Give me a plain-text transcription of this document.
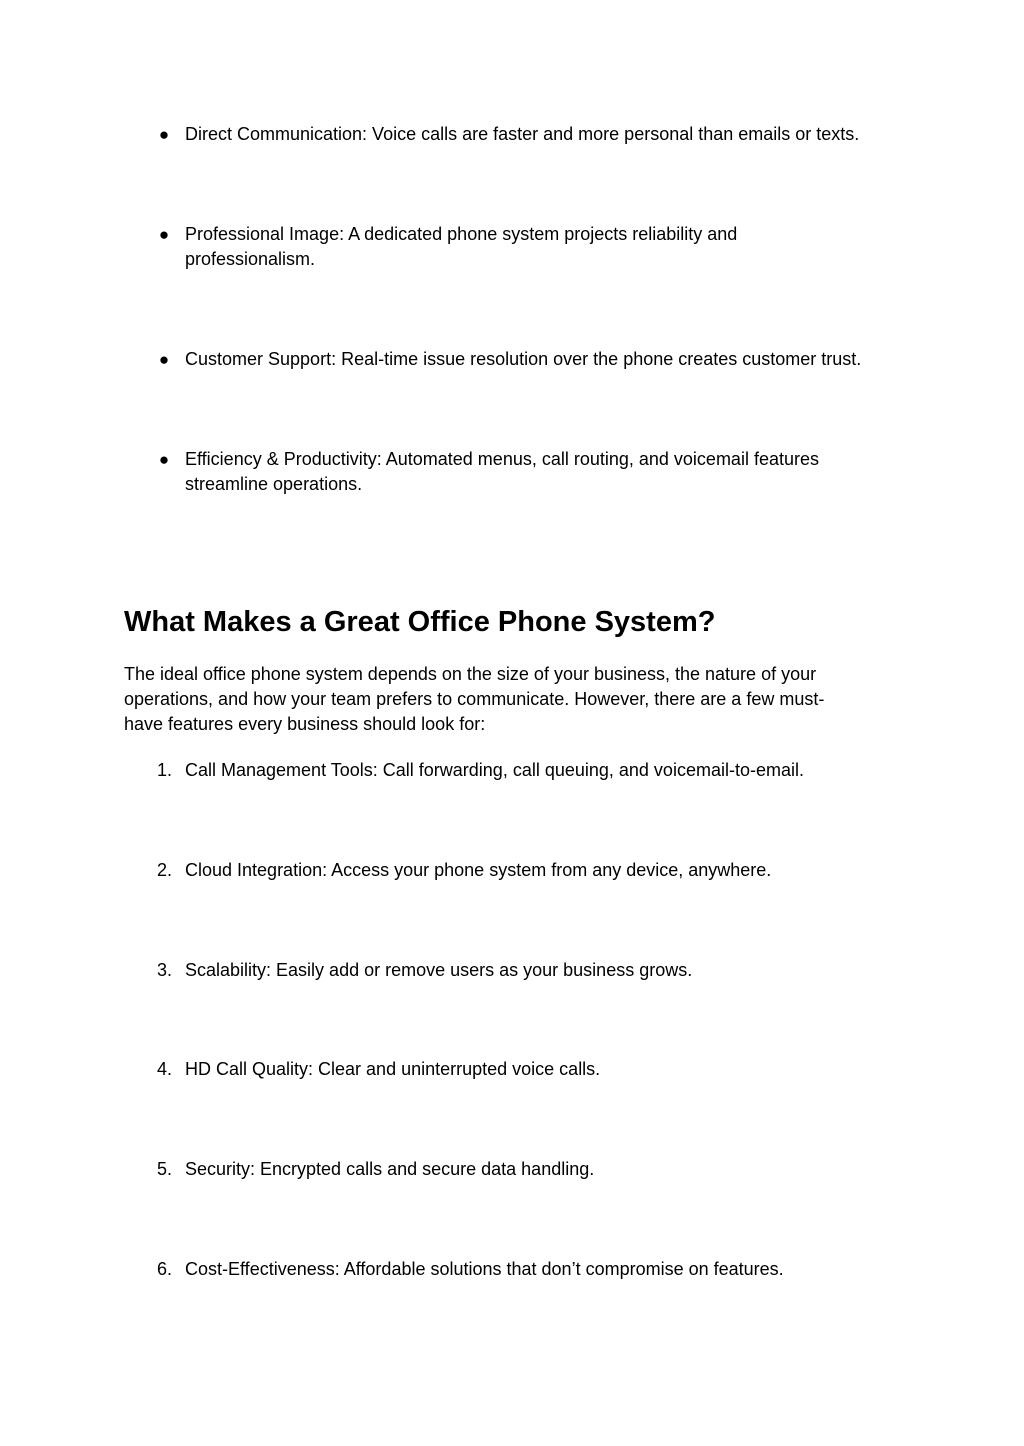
● Direct Communication: Voice calls are faster and more personal than emails or texts.
● Professional Image: A dedicated phone system projects reliability and professionalism.
● Customer Support: Real-time issue resolution over the phone creates customer trust.
● Efficiency & Productivity: Automated menus, call routing, and voicemail features streamline operations.
What Makes a Great Office Phone System?

The ideal office phone system depends on the size of your business, the nature of your operations, and how your team prefers to communicate. However, there are a few must-have features every business should look for:

1. Call Management Tools: Call forwarding, call queuing, and voicemail-to-email.
2. Cloud Integration: Access your phone system from any device, anywhere.
3. Scalability: Easily add or remove users as your business grows.
4. HD Call Quality: Clear and uninterrupted voice calls.
5. Security: Encrypted calls and secure data handling.
6. Cost-Effectiveness: Affordable solutions that don’t compromise on features.
